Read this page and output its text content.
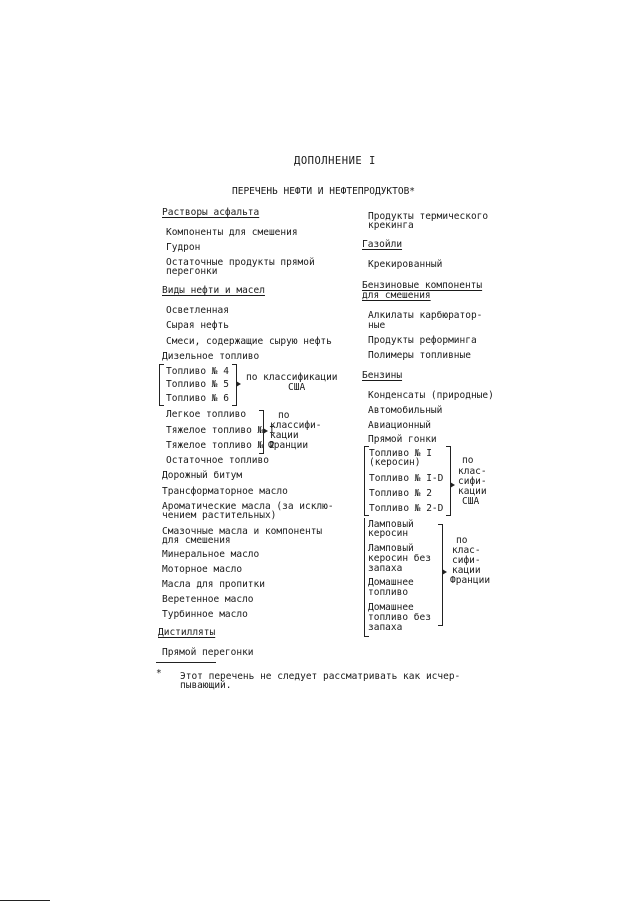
ДОПОЛНЕНИЕ I
ПЕРЕЧЕНЬ НЕФТИ И НЕФТЕПРОДУКТОВ*
Растворы асфальта
Компоненты для смешения
Гудрон
Остаточные продукты прямой
перегонки
Виды нефти и масел
Осветленная
Сырая нефть
Смеси, содержащие сырую нефть
Дизельное топливо
Топливо № 4
Топливо № 5
Топливо № 6
по классификации
США
Легкое топливо
Тяжелое топливо № I
Тяжелое топливо № 2
по
классифи-
кации
Франции
Остаточное топливо
Дорожный битум
Трансформаторное масло
Ароматические масла (за исклю-
чением растительных)
Смазочные масла и компоненты
для смешения
Минеральное масло
Моторное масло
Масла для пропитки
Веретенное масло
Турбинное масло
Дистилляты
Прямой перегонки
Продукты термического
крекинга
Газойли
Крекированный
Бензиновые компоненты
для смешения
Алкилаты карбюратор-
ные
Продукты реформинга
Полимеры топливные
Бензины
Конденсаты (природные)
Автомобильный
Авиационный
Прямой гонки
Топливо № I
(керосин)
Топливо № I-D
Топливо № 2
Топливо № 2-D
по
клас-
сифи-
кации
США
Ламповый
керосин
Ламповый
керосин без
запаха
Домашнее
топливо
Домашнее
топливо без
запаха
по
клас-
сифи-
кации
Франции
* Этот перечень не следует рассматривать как исчер-
пывающий.
